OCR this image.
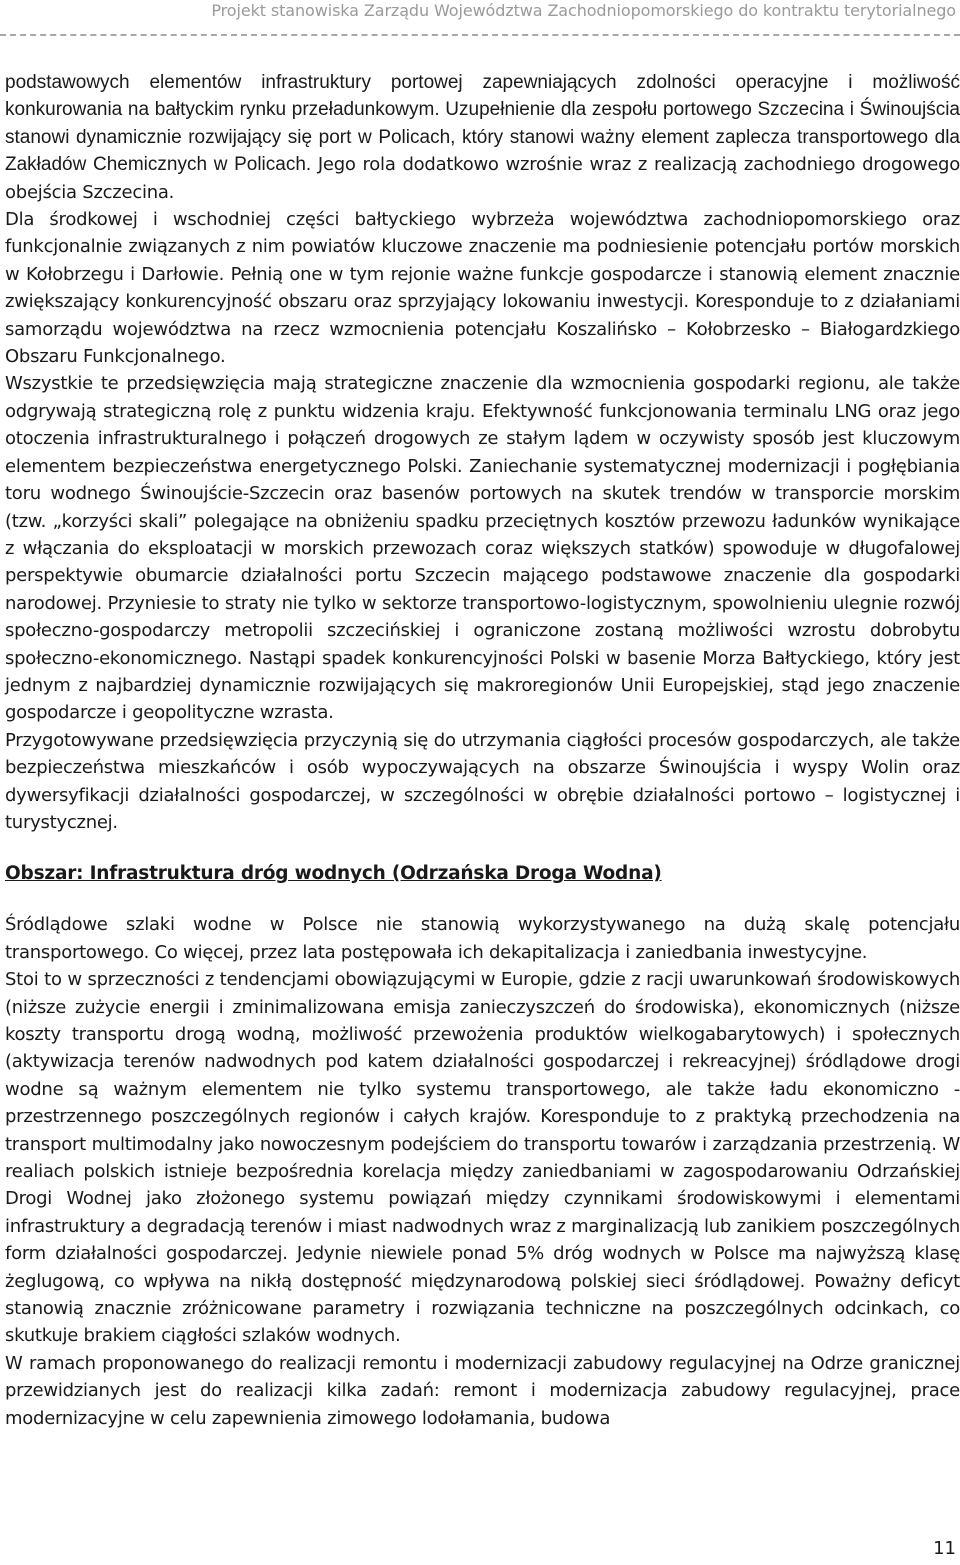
Projekt stanowiska Zarządu Województwa Zachodniopomorskiego do kontraktu terytorialnego

podstawowych elementów infrastruktury portowej zapewniających zdolności operacyjne i możliwość konkurowania na bałtyckim rynku przeładunkowym. Uzupełnienie dla zespołu portowego Szczecina i Świnoujścia stanowi dynamicznie rozwijający się port w Policach, który stanowi ważny element zaplecza transportowego dla Zakładów Chemicznych w Policach. Jego rola dodatkowo wzrośnie wraz z realizacją zachodniego drogowego obejścia Szczecina.

Dla środkowej i wschodniej części bałtyckiego wybrzeża województwa zachodniopomorskiego oraz funkcjonalnie związanych z nim powiatów kluczowe znaczenie ma podniesienie potencjału portów morskich w Kołobrzegu i Darłowie. Pełnią one w tym rejonie ważne funkcje gospodarcze i stanowią element znacznie zwiększający konkurencyjność obszaru oraz sprzyjający lokowaniu inwestycji. Koresponduje to z działaniami samorządu województwa na rzecz wzmocnienia potencjału Koszalińsko – Kołobrzesko – Białogardzkiego Obszaru Funkcjonalnego.

Wszystkie te przedsięwzięcia mają strategiczne znaczenie dla wzmocnienia gospodarki regionu, ale także odgrywają strategiczną rolę z punktu widzenia kraju. Efektywność funkcjonowania terminalu LNG oraz jego otoczenia infrastrukturalnego i połączeń drogowych ze stałym lądem w oczywisty sposób jest kluczowym elementem bezpieczeństwa energetycznego Polski. Zaniechanie systematycznej modernizacji i pogłębiania toru wodnego Świnoujście-Szczecin oraz basenów portowych na skutek trendów w transporcie morskim (tzw. „korzyści skali” polegające na obniżeniu spadku przeciętnych kosztów przewozu ładunków wynikające z włączania do eksploatacji w morskich przewozach coraz większych statków) spowoduje w długofalowej perspektywie obumarcie działalności portu Szczecin mającego podstawowe znaczenie dla gospodarki narodowej. Przyniesie to straty nie tylko w sektorze transportowo-logistycznym, spowolnieniu ulegnie rozwój społeczno-gospodarczy metropolii szczecińskiej i ograniczone zostaną możliwości wzrostu dobrobytu społeczno-ekonomicznego. Nastąpi spadek konkurencyjności Polski w basenie Morza Bałtyckiego, który jest jednym z najbardziej dynamicznie rozwijających się makroregionów Unii Europejskiej, stąd jego znaczenie gospodarcze i geopolityczne wzrasta.

Przygotowywane przedsięwzięcia przyczynią się do utrzymania ciągłości procesów gospodarczych, ale także bezpieczeństwa mieszkańców i osób wypoczywających na obszarze Świnoujścia i wyspy Wolin oraz dywersyfikacji działalności gospodarczej, w szczególności w obrębie działalności portowo – logistycznej i turystycznej.

Obszar: Infrastruktura dróg wodnych (Odrzańska Droga Wodna)

Śródlądowe szlaki wodne w Polsce nie stanowią wykorzystywanego na dużą skalę potencjału transportowego. Co więcej, przez lata postępowała ich dekapitalizacja i zaniedbania inwestycyjne.

Stoi to w sprzeczności z tendencjami obowiązującymi w Europie, gdzie z racji uwarunkowań środowiskowych (niższe zużycie energii i zminimalizowana emisja zanieczyszczeń do środowiska), ekonomicznych (niższe koszty transportu drogą wodną, możliwość przewożenia produktów wielkogabarytowych) i społecznych (aktywizacja terenów nadwodnych pod katem działalności gospodarczej i rekreacyjnej) śródlądowe drogi wodne są ważnym elementem nie tylko systemu transportowego, ale także ładu ekonomiczno - przestrzennego poszczególnych regionów i całych krajów. Koresponduje to z praktyką przechodzenia na transport multimodalny jako nowoczesnym podejściem do transportu towarów i zarządzania przestrzenią. W realiach polskich istnieje bezpośrednia korelacja między zaniedbaniami w zagospodarowaniu Odrzańskiej Drogi Wodnej jako złożonego systemu powiązań między czynnikami środowiskowymi i elementami infrastruktury a degradacją terenów i miast nadwodnych wraz z marginalizacją lub zanikiem poszczególnych form działalności gospodarczej. Jedynie niewiele ponad 5% dróg wodnych w Polsce ma najwyższą klasę żeglugową, co wpływa na nikłą dostępność międzynarodową polskiej sieci śródlądowej. Poważny deficyt stanowią znacznie zróżnicowane parametry i rozwiązania techniczne na poszczególnych odcinkach, co skutkuje brakiem ciągłości szlaków wodnych.

W ramach proponowanego do realizacji remontu i modernizacji zabudowy regulacyjnej na Odrze granicznej przewidzianych jest do realizacji kilka zadań: remont i modernizacja zabudowy regulacyjnej, prace modernizacyjne w celu zapewnienia zimowego lodołamania, budowa

11
